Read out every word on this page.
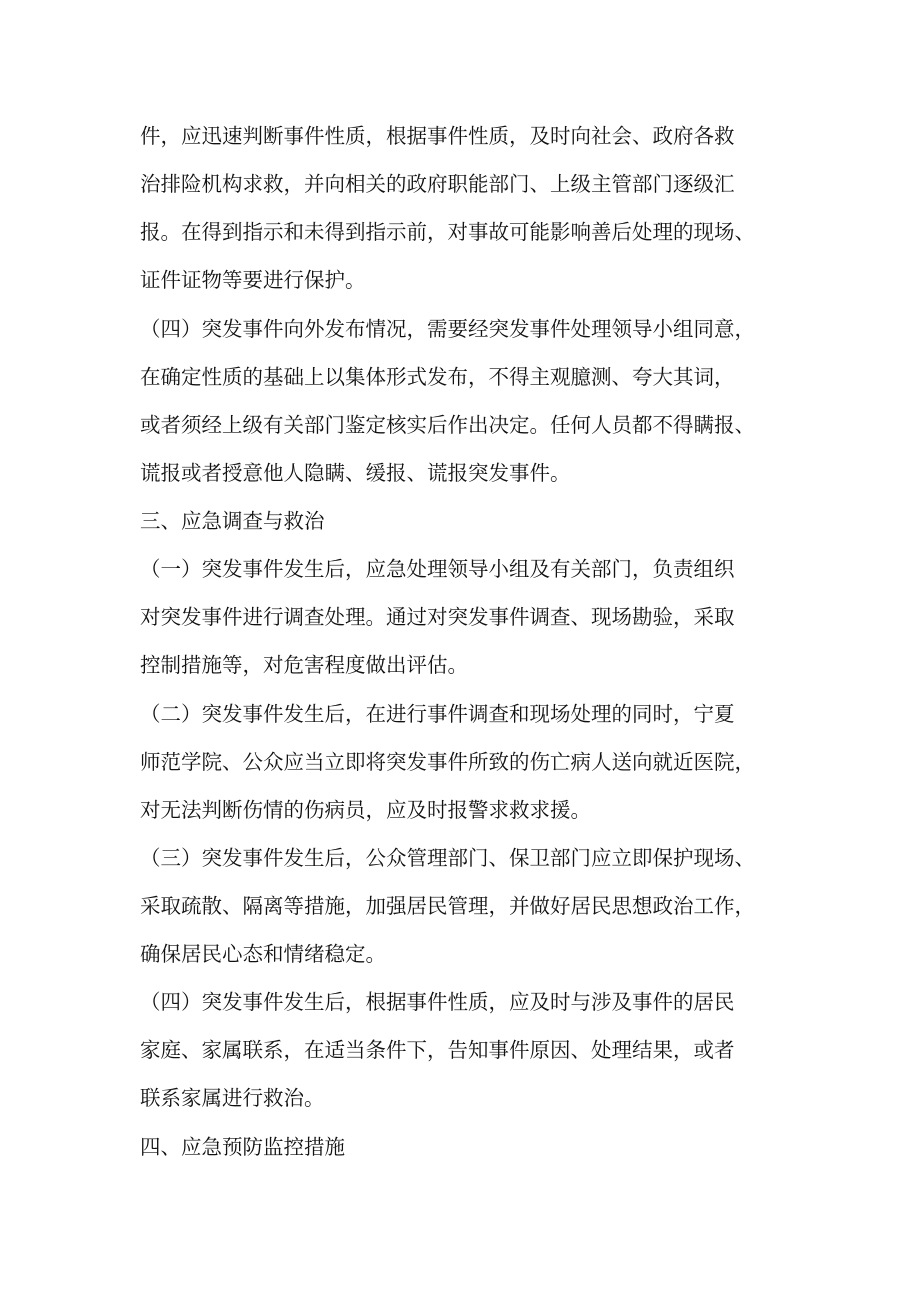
件，应迅速判断事件性质，根据事件性质，及时向社会、政府各救
治排险机构求救，并向相关的政府职能部门、上级主管部门逐级汇
报。在得到指示和未得到指示前，对事故可能影响善后处理的现场、
证件证物等要进行保护。

（四）突发事件向外发布情况，需要经突发事件处理领导小组同意，
在确定性质的基础上以集体形式发布，不得主观臆测、夸大其词，
或者须经上级有关部门鉴定核实后作出决定。任何人员都不得瞒报、
谎报或者授意他人隐瞒、缓报、谎报突发事件。

三、应急调查与救治

（一）突发事件发生后，应急处理领导小组及有关部门，负责组织
对突发事件进行调查处理。通过对突发事件调查、现场勘验，采取
控制措施等，对危害程度做出评估。

（二）突发事件发生后，在进行事件调查和现场处理的同时，宁夏
师范学院、公众应当立即将突发事件所致的伤亡病人送向就近医院，
对无法判断伤情的伤病员，应及时报警求救求援。

（三）突发事件发生后，公众管理部门、保卫部门应立即保护现场、
采取疏散、隔离等措施，加强居民管理，并做好居民思想政治工作，
确保居民心态和情绪稳定。

（四）突发事件发生后，根据事件性质，应及时与涉及事件的居民
家庭、家属联系，在适当条件下，告知事件原因、处理结果，或者
联系家属进行救治。

四、应急预防监控措施
